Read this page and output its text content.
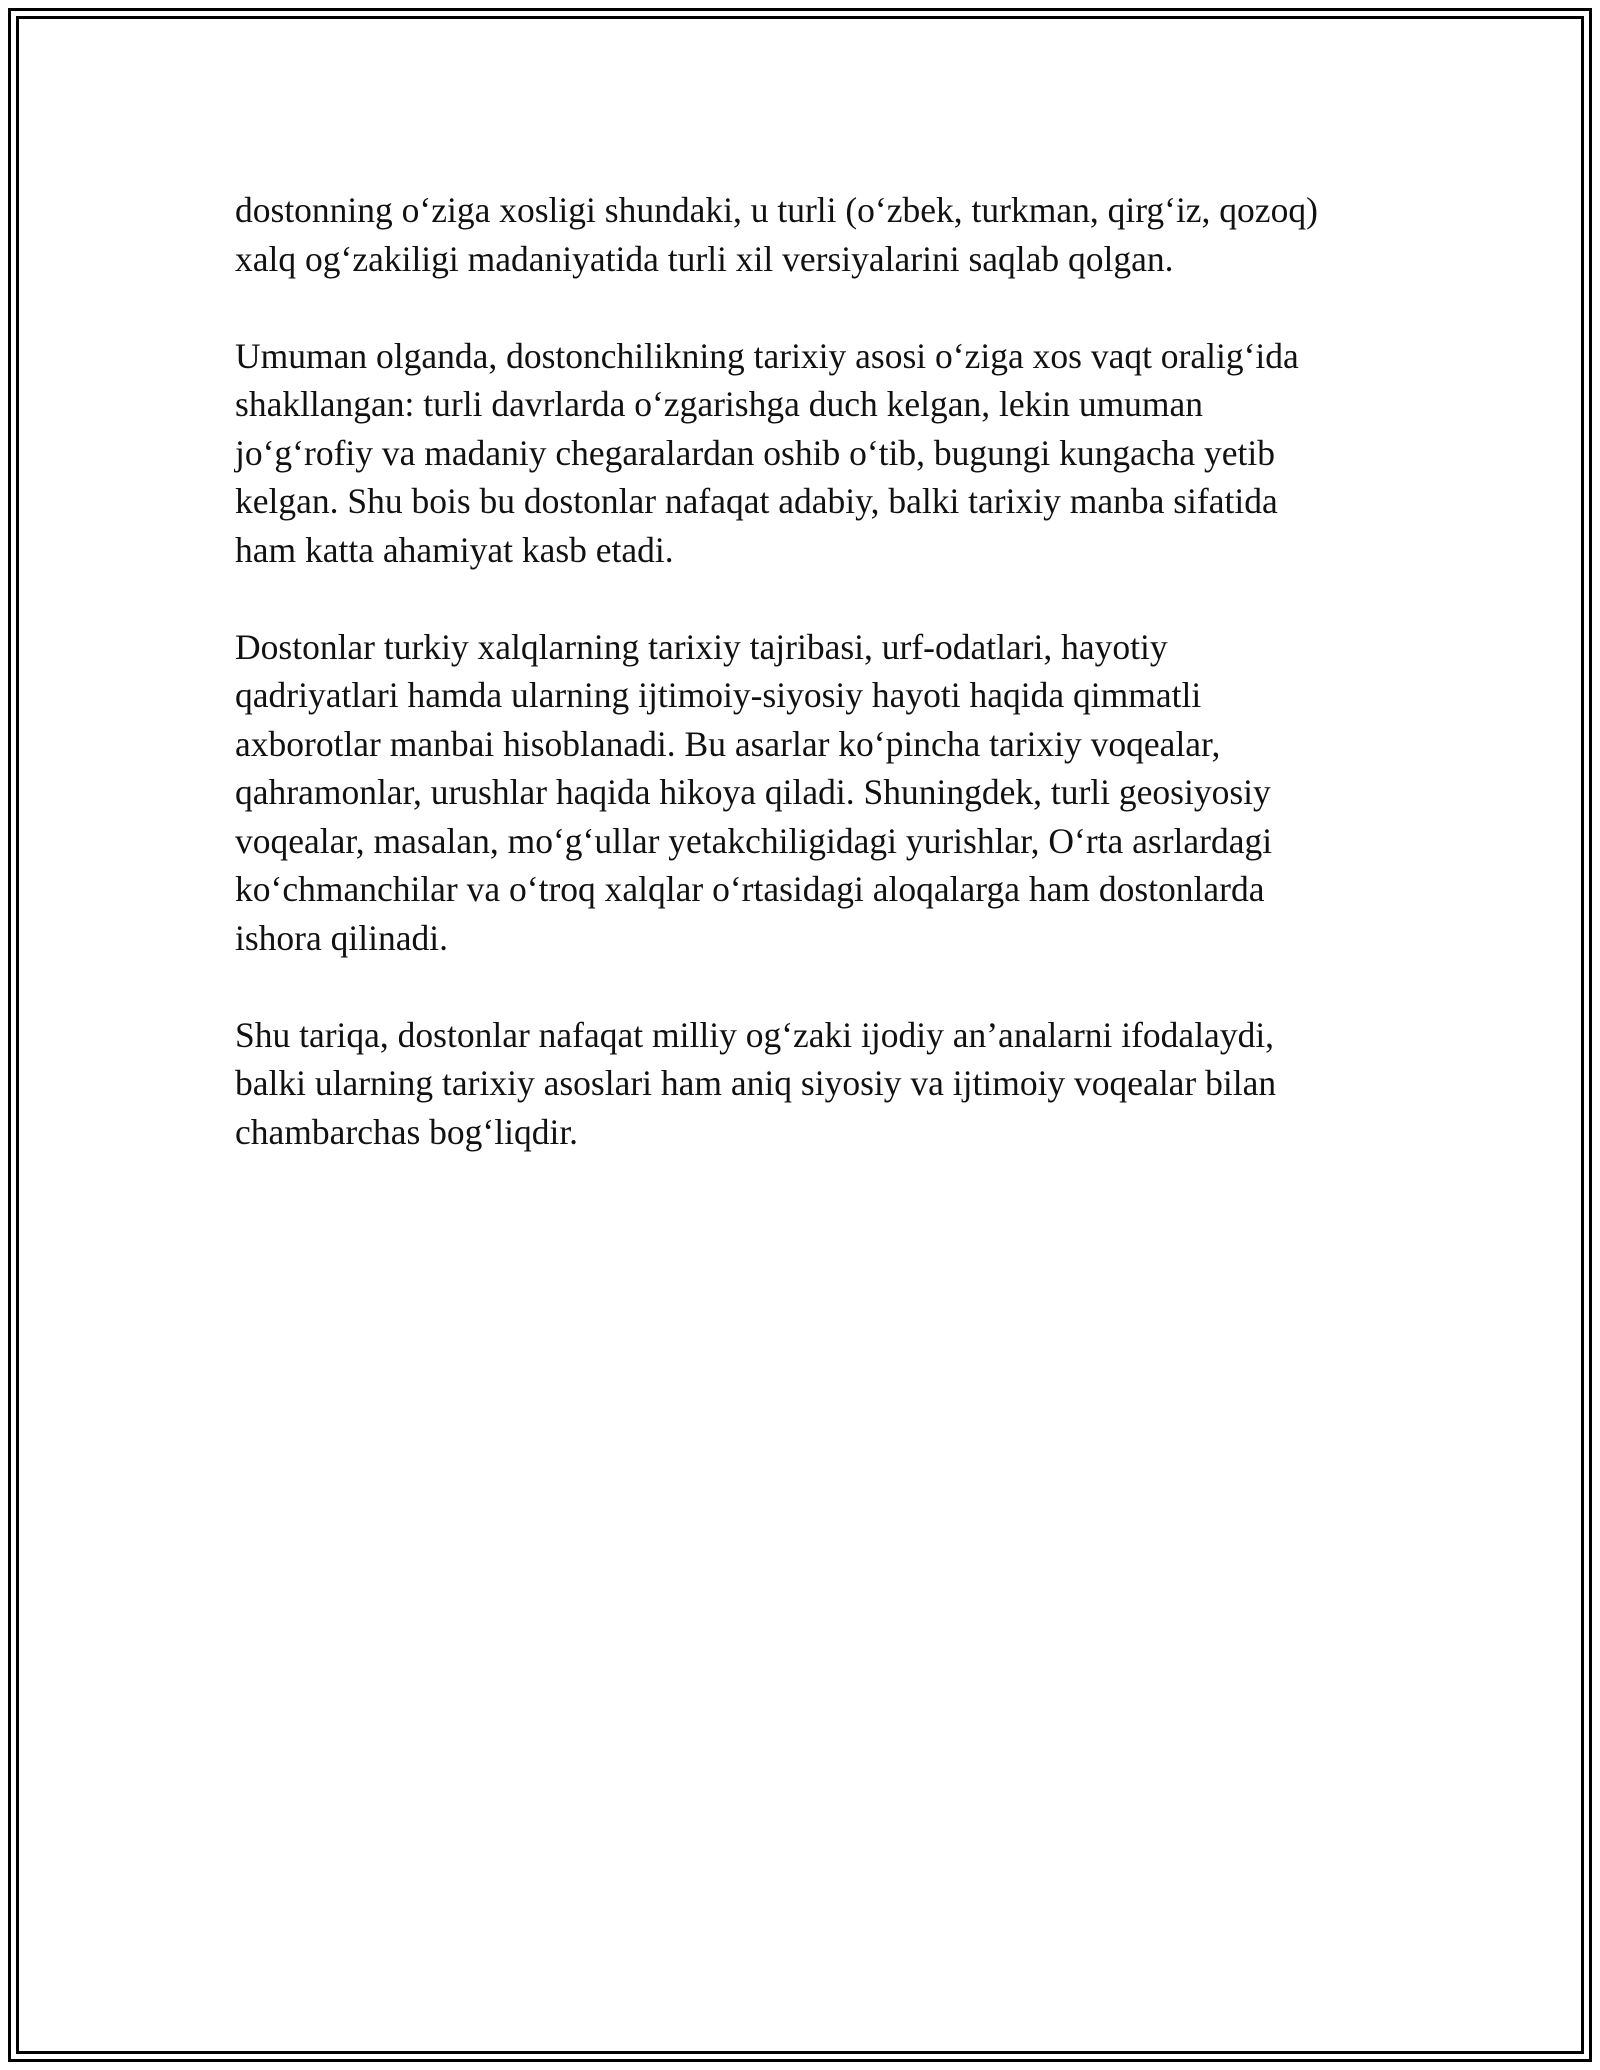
dostonning o‘ziga xosligi shundaki, u turli (o‘zbek, turkman, qirg‘iz, qozoq)
xalq og‘zakiligi madaniyatida turli xil versiyalarini saqlab qolgan.

Umuman olganda, dostonchilikning tarixiy asosi o‘ziga xos vaqt oralig‘ida
shakllangan: turli davrlarda o‘zgarishga duch kelgan, lekin umuman
jo‘g‘rofiy va madaniy chegaralardan oshib o‘tib, bugungi kungacha yetib
kelgan. Shu bois bu dostonlar nafaqat adabiy, balki tarixiy manba sifatida
ham katta ahamiyat kasb etadi.

Dostonlar turkiy xalqlarning tarixiy tajribasi, urf-odatlari, hayotiy
qadriyatlari hamda ularning ijtimoiy-siyosiy hayoti haqida qimmatli
axborotlar manbai hisoblanadi. Bu asarlar ko‘pincha tarixiy voqealar,
qahramonlar, urushlar haqida hikoya qiladi. Shuningdek, turli geosiyosiy
voqealar, masalan, mo‘g‘ullar yetakchiligidagi yurishlar, O‘rta asrlardagi
ko‘chmanchilar va o‘troq xalqlar o‘rtasidagi aloqalarga ham dostonlarda
ishora qilinadi.

Shu tariqa, dostonlar nafaqat milliy og‘zaki ijodiy an’analarni ifodalaydi,
balki ularning tarixiy asoslari ham aniq siyosiy va ijtimoiy voqealar bilan
chambarchas bog‘liqdir.
